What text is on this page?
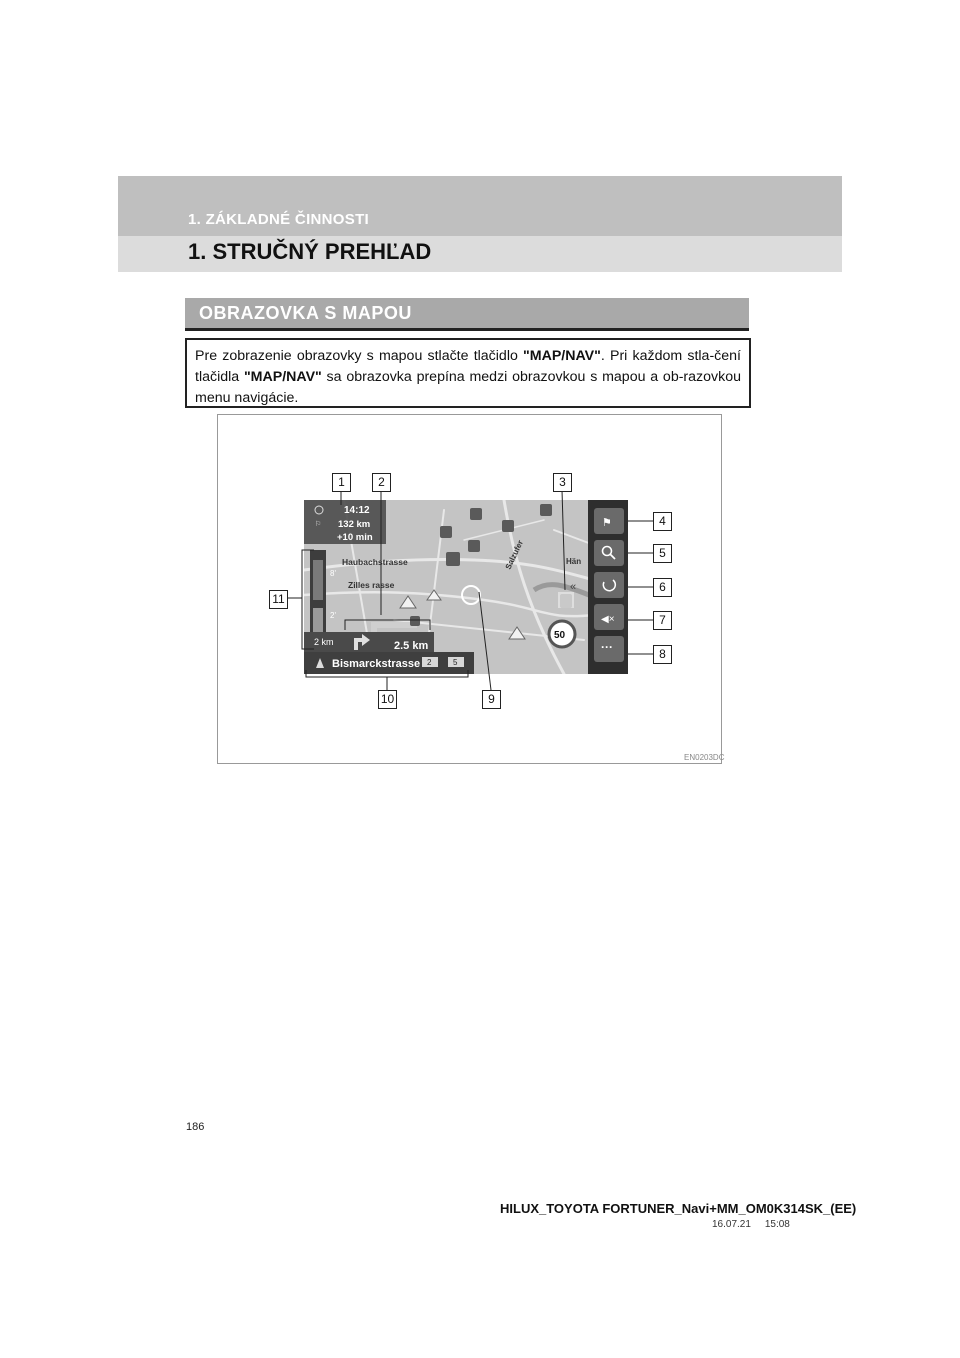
1. ZÁKLADNÉ ČINNOSTI
1. STRUČNÝ PREHĽAD
OBRAZOVKA S MAPOU
Pre zobrazenie obrazovky s mapou stlačte tlačidlo "MAP/NAV". Pri každom stla-čení tlačidla "MAP/NAV" sa obrazovka prepína medzi obrazovkou s mapou a ob-razovkou menu navigácie.
EN0203DC
14:12
132 km
+10 min
⚐
8'
2'
Haubachstrasse
Zilles rasse
Salzufer	Hän
2 km	2.5 km
Bismarckstrasse 2	5
50
«
⚑
◀×
···
1	2	3
4
5
6
7
8
9
10
11
186
HILUX_TOYOTA FORTUNER_Navi+MM_OM0K314SK_(EE)
16.07.21     15:08
